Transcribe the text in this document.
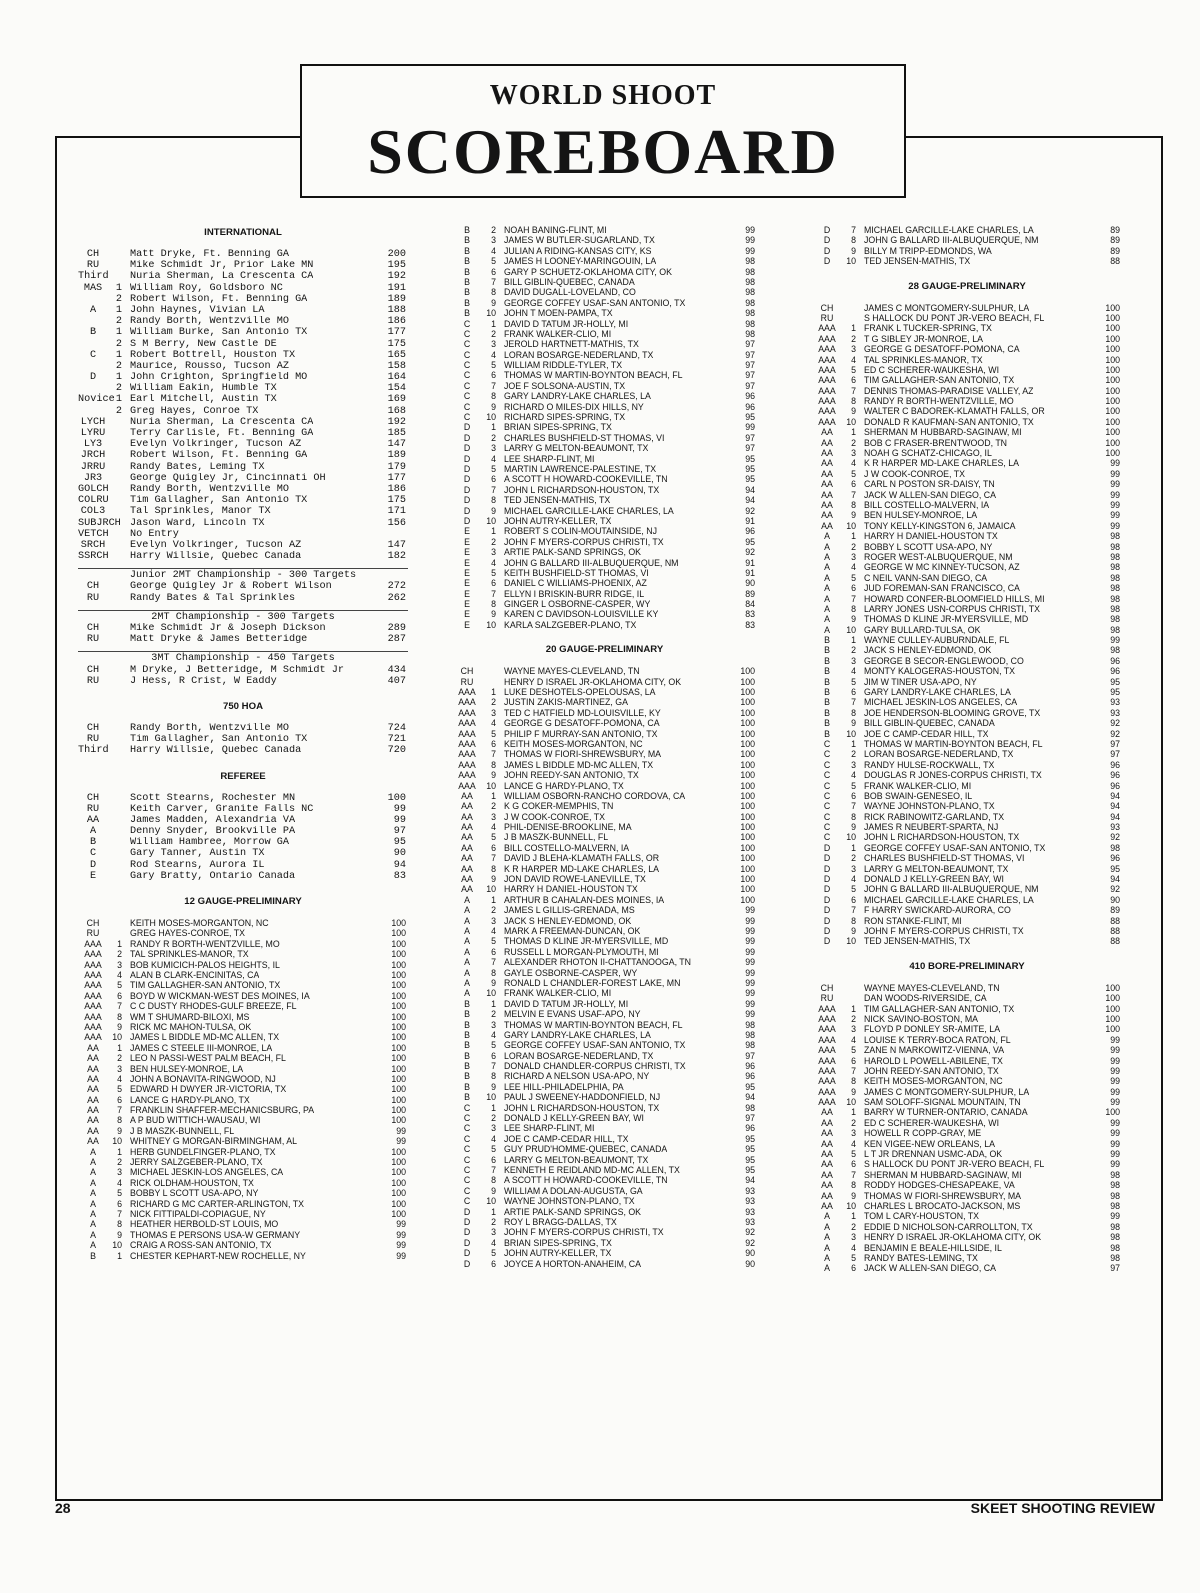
WORLD SHOOT
SCOREBOARD
INTERNATIONAL
CH	Matt Dryke, Ft. Benning GA	200
RU	Mike Schmidt Jr, Prior Lake MN	195
Third Nuria Sherman, La Crescenta CA	192
MAS	1 William Roy, Goldsboro NC	191
2 Robert Wilson, Ft. Benning GA	189
A	1 John Haynes, Vivian LA	188
2 Randy Borth, Wentzville MO	186
B	1 William Burke, San Antonio TX	177
2 S M Berry, New Castle DE	175
C	1 Robert Bottrell, Houston TX	165
2 Maurice, Rousso, Tucson AZ	158
D	1 John Crighton, Springfield MO	164
2 William Eakin, Humble TX	154
Novice 1 Earl Mitchell, Austin TX	169
2 Greg Hayes, Conroe TX	168
LYCH Nuria Sherman, La Crescenta CA	192
LYRU Terry Carlisle, Ft. Benning GA	185
LY3	Evelyn Volkringer, Tucson AZ	147
JRCH Robert Wilson, Ft. Benning GA	189
JRRU Randy Bates, Leming TX	179
JR3	George Quigley Jr, Cincinnati OH	177
GOLCH Randy Borth, Wentzville MO	186
COLRU Tim Gallagher, San Antonio TX	175
COL3 Tal Sprinkles, Manor TX	171
SUBJRCH Jason Ward, Lincoln TX	156
VETCH No Entry
SRCH Evelyn Volkringer, Tucson AZ	147
SSRCH Harry Willsie, Quebec Canada	182
Junior 2MT Championship - 300 Targets
CH	George Quigley Jr & Robert Wilson	272
RU	Randy Bates & Tal Sprinkles	262
2MT Championship - 300 Targets
CH	Mike Schmidt Jr & Joseph Dickson	289
RU	Matt Dryke & James Betteridge	287
3MT Championship - 450 Targets
CH	M Dryke, J Betteridge, M Schmidt Jr	434
RU	J Hess, R Crist, W Eaddy	407
750 HOA
CH	Randy Borth, Wentzville MO	724
RU	Tim Gallagher, San Antonio TX	721
Third Harry Willsie, Quebec Canada	720
REFEREE
CH	Scott Stearns, Rochester MN	100
RU	Keith Carver, Granite Falls NC	99
AA	James Madden, Alexandria VA	99
A	Denny Snyder, Brookville PA	97
B	William Hambree, Morrow GA	95
C	Gary Tanner, Austin TX	90
D	Rod Stearns, Aurora IL	94
E	Gary Bratty, Ontario Canada	83
12 GAUGE-PRELIMINARY
CH	KEITH MOSES-MORGANTON, NC	100
RU	GREG HAYES-CONROE, TX	100
AAA	1 RANDY R BORTH-WENTZVILLE, MO	100
AAA	2 TAL SPRINKLES-MANOR, TX	100
AAA	3 BOB KUMICICH-PALOS HEIGHTS, IL	100
AAA	4 ALAN B CLARK-ENCINITAS, CA	100
AAA	5 TIM GALLAGHER-SAN ANTONIO, TX	100
AAA	6 BOYD W WICKMAN-WEST DES MOINES, IA	100
AAA	7 C C DUSTY RHODES-GULF BREEZE, FL	100
AAA	8 WM T SHUMARD-BILOXI, MS	100
AAA	9 RICK MC MAHON-TULSA, OK	100
AAA	10 JAMES L BIDDLE MD-MC ALLEN, TX	100
AA	1 JAMES C STEELE III-MONROE, LA	100
AA	2 LEO N PASSI-WEST PALM BEACH, FL	100
AA	3 BEN HULSEY-MONROE, LA	100
AA	4 JOHN A BONAVITA-RINGWOOD, NJ	100
AA	5 EDWARD H DWYER JR-VICTORIA, TX	100
AA	6 LANCE G HARDY-PLANO, TX	100
AA	7 FRANKLIN SHAFFER-MECHANICSBURG, PA	100
AA	8 A P BUD WITTICH-WAUSAU, WI	100
AA	9 J B MASZK-BUNNELL, FL	99
AA	10 WHITNEY G MORGAN-BIRMINGHAM, AL	99
A	1 HERB GUNDELFINGER-PLANO, TX	100
A	2 JERRY SALZGEBER-PLANO, TX	100
A	3 MICHAEL JESKIN-LOS ANGELES, CA	100
A	4 RICK OLDHAM-HOUSTON, TX	100
A	5 BOBBY L SCOTT USA-APO, NY	100
A	6 RICHARD G MC CARTER-ARLINGTON, TX	100
A	7 NICK FITTIPALDI-COPIAGUE, NY	100
A	8 HEATHER HERBOLD-ST LOUIS, MO	99
A	9 THOMAS E PERSONS USA-W GERMANY	99
A	10 CRAIG A ROSS-SAN ANTONIO, TX	99
B	1 CHESTER KEPHART-NEW ROCHELLE, NY	99
B	2 NOAH BANING-FLINT, MI	99
B	3 JAMES W BUTLER-SUGARLAND, TX	99
B	4 JULIAN A RIDING-KANSAS CITY, KS	99
B	5 JAMES H LOONEY-MARINGOUIN, LA	98
B	6 GARY P SCHUETZ-OKLAHOMA CITY, OK	98
B	7 BILL GIBLIN-QUEBEC, CANADA	98
B	8 DAVID DUGALL-LOVELAND, CO	98
B	9 GEORGE COFFEY USAF-SAN ANTONIO, TX	98
B	10 JOHN T MOEN-PAMPA, TX	98
C	1 DAVID D TATUM JR-HOLLY, MI	98
C	2 FRANK WALKER-CLIO, MI	98
C	3 JEROLD HARTNETT-MATHIS, TX	97
C	4 LORAN BOSARGE-NEDERLAND, TX	97
C	5 WILLIAM RIDDLE-TYLER, TX	97
C	6 THOMAS W MARTIN-BOYNTON BEACH, FL	97
C	7 JOE F SOLSONA-AUSTIN, TX	97
C	8 GARY LANDRY-LAKE CHARLES, LA	96
C	9 RICHARD O MILES-DIX HILLS, NY	96
C	10 RICHARD SIPES-SPRING, TX	95
D	1 BRIAN SIPES-SPRING, TX	99
D	2 CHARLES BUSHFIELD-ST THOMAS, VI	97
D	3 LARRY G MELTON-BEAUMONT, TX	97
D	4 LEE SHARP-FLINT, MI	95
D	5 MARTIN LAWRENCE-PALESTINE, TX	95
D	6 A SCOTT H HOWARD-COOKEVILLE, TN	95
D	7 JOHN L RICHARDSON-HOUSTON, TX	94
D	8 TED JENSEN-MATHIS, TX	94
D	9 MICHAEL GARCILLE-LAKE CHARLES, LA	92
D	10 JOHN AUTRY-KELLER, TX	91
E	1 ROBERT S COLIN-MOUTAINSIDE, NJ	96
E	2 JOHN F MYERS-CORPUS CHRISTI, TX	95
E	3 ARTIE PALK-SAND SPRINGS, OK	92
E	4 JOHN G BALLARD III-ALBUQUERQUE, NM	91
E	5 KEITH BUSHFIELD-ST THOMAS, VI	91
E	6 DANIEL C WILLIAMS-PHOENIX, AZ	90
E	7 ELLYN I BRISKIN-BURR RIDGE, IL	89
E	8 GINGER L OSBORNE-CASPER, WY	84
E	9 KAREN C DAVIDSON-LOUISVILLE KY	83
E	10 KARLA SALZGEBER-PLANO, TX	83
20 GAUGE-PRELIMINARY
CH	WAYNE MAYES-CLEVELAND, TN	100
RU	HENRY D ISRAEL JR-OKLAHOMA CITY, OK	100
AAA	1 LUKE DESHOTELS-OPELOUSAS, LA	100
AAA	2 JUSTIN ZAKIS-MARTINEZ, GA	100
AAA	3 TED C HATFIELD MD-LOUISVILLE, KY	100
AAA	4 GEORGE G DESATOFF-POMONA, CA	100
AAA	5 PHILIP F MURRAY-SAN ANTONIO, TX	100
AAA	6 KEITH MOSES-MORGANTON, NC	100
AAA	7 THOMAS W FIORI-SHREWSBURY, MA	100
AAA	8 JAMES L BIDDLE MD-MC ALLEN, TX	100
AAA	9 JOHN REEDY-SAN ANTONIO, TX	100
AAA	10 LANCE G HARDY-PLANO, TX	100
AA	1 WILLIAM OSBORN-RANCHO CORDOVA, CA	100
AA	2 K G COKER-MEMPHIS, TN	100
AA	3 J W COOK-CONROE, TX	100
AA	4 PHIL-DENISE-BROOKLINE, MA	100
AA	5 J B MASZK-BUNNELL, FL	100
AA	6 BILL COSTELLO-MALVERN, IA	100
AA	7 DAVID J BLEHA-KLAMATH FALLS, OR	100
AA	8 K R HARPER MD-LAKE CHARLES, LA	100
AA	9 JON DAVID ROWE-LANEVILLE, TX	100
AA	10 HARRY H DANIEL-HOUSTON TX	100
A	1 ARTHUR B CAHALAN-DES MOINES, IA	100
A	2 JAMES L GILLIS-GRENADA, MS	99
A	3 JACK S HENLEY-EDMOND, OK	99
A	4 MARK A FREEMAN-DUNCAN, OK	99
A	5 THOMAS D KLINE JR-MYERSVILLE, MD	99
A	6 RUSSELL L MORGAN-PLYMOUTH, MI	99
A	7 ALEXANDER RHOTON II-CHATTANOOGA, TN	99
A	8 GAYLE OSBORNE-CASPER, WY	99
A	9 RONALD L CHANDLER-FOREST LAKE, MN	99
A	10 FRANK WALKER-CLIO, MI	99
B	1 DAVID D TATUM JR-HOLLY, MI	99
B	2 MELVIN E EVANS USAF-APO, NY	99
B	3 THOMAS W MARTIN-BOYNTON BEACH, FL	98
B	4 GARY LANDRY-LAKE CHARLES, LA	98
B	5 GEORGE COFFEY USAF-SAN ANTONIO, TX	98
B	6 LORAN BOSARGE-NEDERLAND, TX	97
B	7 DONALD CHANDLER-CORPUS CHRISTI, TX	96
B	8 RICHARD A NELSON USA-APO, NY	96
B	9 LEE HILL-PHILADELPHIA, PA	95
B	10 PAUL J SWEENEY-HADDONFIELD, NJ	94
C	1 JOHN L RICHARDSON-HOUSTON, TX	98
C	2 DONALD J KELLY-GREEN BAY, WI	97
C	3 LEE SHARP-FLINT, MI	96
C	4 JOE C CAMP-CEDAR HILL, TX	95
C	5 GUY PRUD'HOMME-QUEBEC, CANADA	95
C	6 LARRY G MELTON-BEAUMONT, TX	95
C	7 KENNETH E REIDLAND MD-MC ALLEN, TX	95
C	8 A SCOTT H HOWARD-COOKEVILLE, TN	94
C	9 WILLIAM A DOLAN-AUGUSTA, GA	93
C	10 WAYNE JOHNSTON-PLANO, TX	93
D	1 ARTIE PALK-SAND SPRINGS, OK	93
D	2 ROY L BRAGG-DALLAS, TX	93
D	3 JOHN F MYERS-CORPUS CHRISTI, TX	92
D	4 BRIAN SIPES-SPRING, TX	92
D	5 JOHN AUTRY-KELLER, TX	90
D	6 JOYCE A HORTON-ANAHEIM, CA	90
D	7 MICHAEL GARCILLE-LAKE CHARLES, LA	89
D	8 JOHN G BALLARD III-ALBUQUERQUE, NM	89
D	9 BILLY M TRIPP-EDMONDS, WA	89
D	10 TED JENSEN-MATHIS, TX	88
28 GAUGE-PRELIMINARY
CH	JAMES C MONTGOMERY-SULPHUR, LA	100
RU	S HALLOCK DU PONT JR-VERO BEACH, FL	100
AAA	1 FRANK L TUCKER-SPRING, TX	100
AAA	2 T G SIBLEY JR-MONROE, LA	100
AAA	3 GEORGE G DESATOFF-POMONA, CA	100
AAA	4 TAL SPRINKLES-MANOR, TX	100
AAA	5 ED C SCHERER-WAUKESHA, WI	100
AAA	6 TIM GALLAGHER-SAN ANTONIO, TX	100
AAA	7 DENNIS THOMAS-PARADISE VALLEY, AZ	100
AAA	8 RANDY R BORTH-WENTZVILLE, MO	100
AAA	9 WALTER C BADOREK-KLAMATH FALLS, OR	100
AAA	10 DONALD R KAUFMAN-SAN ANTONIO, TX	100
AA	1 SHERMAN M HUBBARD-SAGINAW, MI	100
AA	2 BOB C FRASER-BRENTWOOD, TN	100
AA	3 NOAH G SCHATZ-CHICAGO, IL	100
AA	4 K R HARPER MD-LAKE CHARLES, LA	99
AA	5 J W COOK-CONROE, TX	99
AA	6 CARL N POSTON SR-DAISY, TN	99
AA	7 JACK W ALLEN-SAN DIEGO, CA	99
AA	8 BILL COSTELLO-MALVERN, IA	99
AA	9 BEN HULSEY-MONROE, LA	99
AA	10 TONY KELLY-KINGSTON 6, JAMAICA	99
A	1 HARRY H DANIEL-HOUSTON TX	98
A	2 BOBBY L SCOTT USA-APO, NY	98
A	3 ROGER WEST-ALBUQUERQUE, NM	98
A	4 GEORGE W MC KINNEY-TUCSON, AZ	98
A	5 C NEIL VANN-SAN DIEGO, CA	98
A	6 JUD FOREMAN-SAN FRANCISCO, CA	98
A	7 HOWARD CONFER-BLOOMFIELD HILLS, MI	98
A	8 LARRY JONES USN-CORPUS CHRISTI, TX	98
A	9 THOMAS D KLINE JR-MYERSVILLE, MD	98
A	10 GARY BULLARD-TULSA, OK	98
B	1 WAYNE CULLEY-AUBURNDALE, FL	99
B	2 JACK S HENLEY-EDMOND, OK	98
B	3 GEORGE B SECOR-ENGLEWOOD, CO	96
B	4 MONTY KALOGERAS-HOUSTON, TX	96
B	5 JIM W TINER USA-APO, NY	95
B	6 GARY LANDRY-LAKE CHARLES, LA	95
B	7 MICHAEL JESKIN-LOS ANGELES, CA	93
B	8 JOE HENDERSON-BLOOMING GROVE, TX	93
B	9 BILL GIBLIN-QUEBEC, CANADA	92
B	10 JOE C CAMP-CEDAR HILL, TX	92
C	1 THOMAS W MARTIN-BOYNTON BEACH, FL	97
C	2 LORAN BOSARGE-NEDERLAND, TX	97
C	3 RANDY HULSE-ROCKWALL, TX	96
C	4 DOUGLAS R JONES-CORPUS CHRISTI, TX	96
C	5 FRANK WALKER-CLIO, MI	96
C	6 BOB SWAIN-GENESEO, IL	94
C	7 WAYNE JOHNSTON-PLANO, TX	94
C	8 RICK RABINOWITZ-GARLAND, TX	94
C	9 JAMES R NEUBERT-SPARTA, NJ	93
C	10 JOHN L RICHARDSON-HOUSTON, TX	92
D	1 GEORGE COFFEY USAF-SAN ANTONIO, TX	98
D	2 CHARLES BUSHFIELD-ST THOMAS, VI	96
D	3 LARRY G MELTON-BEAUMONT, TX	95
D	4 DONALD J KELLY-GREEN BAY, WI	94
D	5 JOHN G BALLARD III-ALBUQUERQUE, NM	92
D	6 MICHAEL GARCILLE-LAKE CHARLES, LA	90
D	7 F HARRY SWICKARD-AURORA, CO	89
D	8 RON STANKE-FLINT, MI	88
D	9 JOHN F MYERS-CORPUS CHRISTI, TX	88
D	10 TED JENSEN-MATHIS, TX	88
410 BORE-PRELIMINARY
CH	WAYNE MAYES-CLEVELAND, TN	100
RU	DAN WOODS-RIVERSIDE, CA	100
AAA	1 TIM GALLAGHER-SAN ANTONIO, TX	100
AAA	2 NICK SAVINO-BOSTON, MA	100
AAA	3 FLOYD P DONLEY SR-AMITE, LA	100
AAA	4 LOUISE K TERRY-BOCA RATON, FL	99
AAA	5 ZANE N MARKOWITZ-VIENNA, VA	99
AAA	6 HAROLD L POWELL-ABILENE, TX	99
AAA	7 JOHN REEDY-SAN ANTONIO, TX	99
AAA	8 KEITH MOSES-MORGANTON, NC	99
AAA	9 JAMES C MONTGOMERY-SULPHUR, LA	99
AAA	10 SAM SOLOFF-SIGNAL MOUNTAIN, TN	99
AA	1 BARRY W TURNER-ONTARIO, CANADA	100
AA	2 ED C SCHERER-WAUKESHA, WI	99
AA	3 HOWELL R COPP-GRAY, ME	99
AA	4 KEN VIGEE-NEW ORLEANS, LA	99
AA	5 L T JR DRENNAN USMC-ADA, OK	99
AA	6 S HALLOCK DU PONT JR-VERO BEACH, FL	99
AA	7 SHERMAN M HUBBARD-SAGINAW, MI	98
AA	8 RODDY HODGES-CHESAPEAKE, VA	98
AA	9 THOMAS W FIORI-SHREWSBURY, MA	98
AA	10 CHARLES L BROCATO-JACKSON, MS	98
A	1 TOM L CARY-HOUSTON, TX	99
A	2 EDDIE D NICHOLSON-CARROLLTON, TX	98
A	3 HENRY D ISRAEL JR-OKLAHOMA CITY, OK	98
A	4 BENJAMIN E BEALE-HILLSIDE, IL	98
A	5 RANDY BATES-LEMING, TX	98
A	6 JACK W ALLEN-SAN DIEGO, CA	97
28	SKEET SHOOTING REVIEW
